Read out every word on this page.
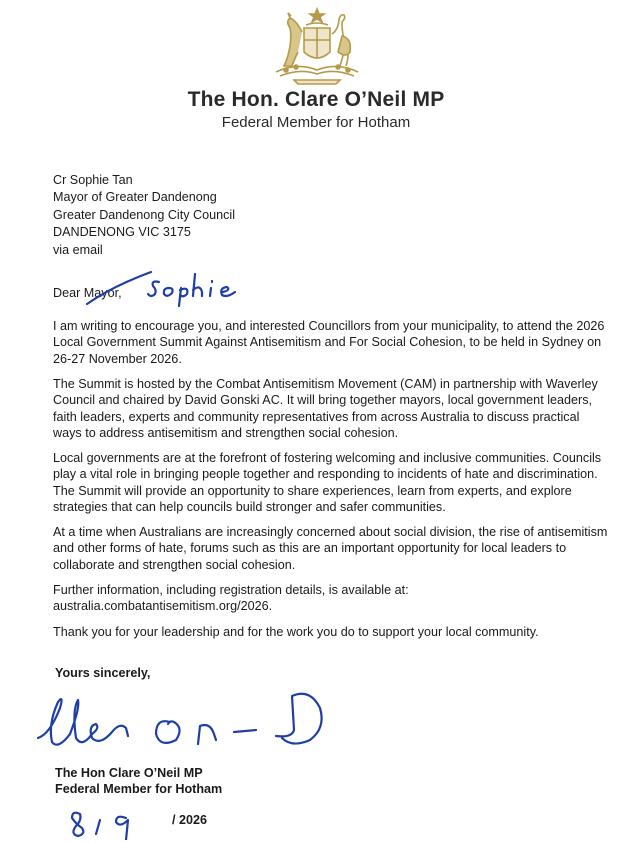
The Hon. Clare O’Neil MP
Federal Member for Hotham
Cr Sophie Tan
Mayor of Greater Dandenong
Greater Dandenong City Council
DANDENONG VIC 3175
via email

Dear Mayor,

I am writing to encourage you, and interested Councillors from your municipality, to attend the 2026 Local Government Summit Against Antisemitism and For Social Cohesion, to be held in Sydney on 26-27 November 2026.

The Summit is hosted by the Combat Antisemitism Movement (CAM) in partnership with Waverley Council and chaired by David Gonski AC. It will bring together mayors, local government leaders, faith leaders, experts and community representatives from across Australia to discuss practical ways to address antisemitism and strengthen social cohesion.

Local governments are at the forefront of fostering welcoming and inclusive communities. Councils play a vital role in bringing people together and responding to incidents of hate and discrimination. The Summit will provide an opportunity to share experiences, learn from experts, and explore strategies that can help councils build stronger and safer communities.

At a time when Australians are increasingly concerned about social division, the rise of antisemitism and other forms of hate, forums such as this are an important opportunity for local leaders to collaborate and strengthen social cohesion.

Further information, including registration details, is available at: australia.combatantisemitism.org/2026.

Thank you for your leadership and for the work you do to support your local community.

Yours sincerely,

The Hon Clare O’Neil MP

Federal Member for Hotham

/ 2026
